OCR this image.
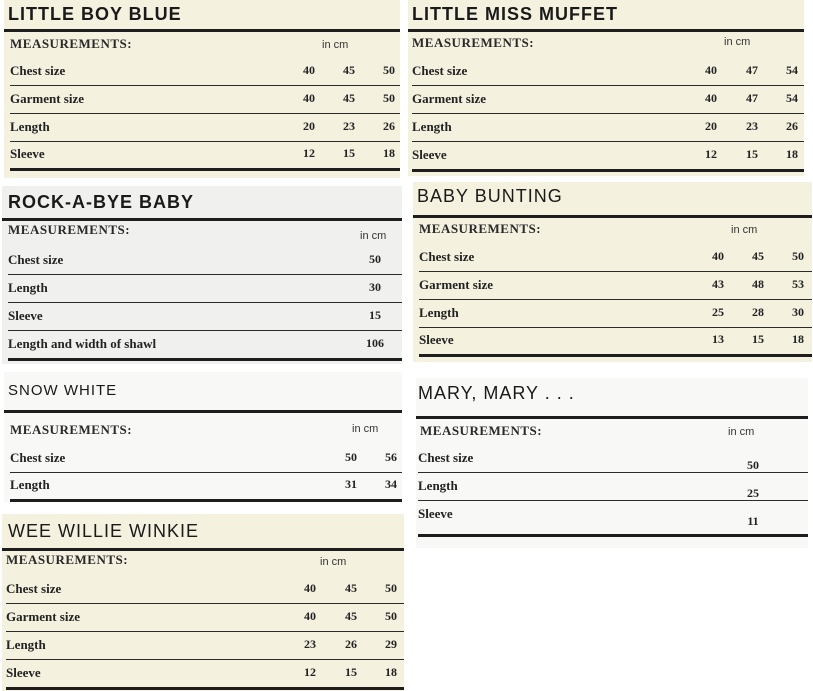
LITTLE BOY BLUE
MEASUREMENTS:	in cm
Chest size	40	45	50
Garment size	40	45	50
Length	20	23	26
Sleeve	12	15	18
LITTLE MISS MUFFET
MEASUREMENTS:	in cm
Chest size	40	47	54
Garment size	40	47	54
Length	20	23	26
Sleeve	12	15	18
ROCK-A-BYE BABY
MEASUREMENTS:	in cm
Chest size	50
Length	30
Sleeve	15
Length and width of shawl	106
BABY BUNTING
MEASUREMENTS:	in cm
Chest size	40	45	50
Garment size	43	48	53
Length	25	28	30
Sleeve	13	15	18
SNOW WHITE
MEASUREMENTS:	in cm
Chest size	50	56
Length	31	34
MARY, MARY . . .
MEASUREMENTS:	in cm
Chest size	50
Length	25
Sleeve	11
WEE WILLIE WINKIE
MEASUREMENTS:	in cm
Chest size	40	45	50
Garment size	40	45	50
Length	23	26	29
Sleeve	12	15	18
